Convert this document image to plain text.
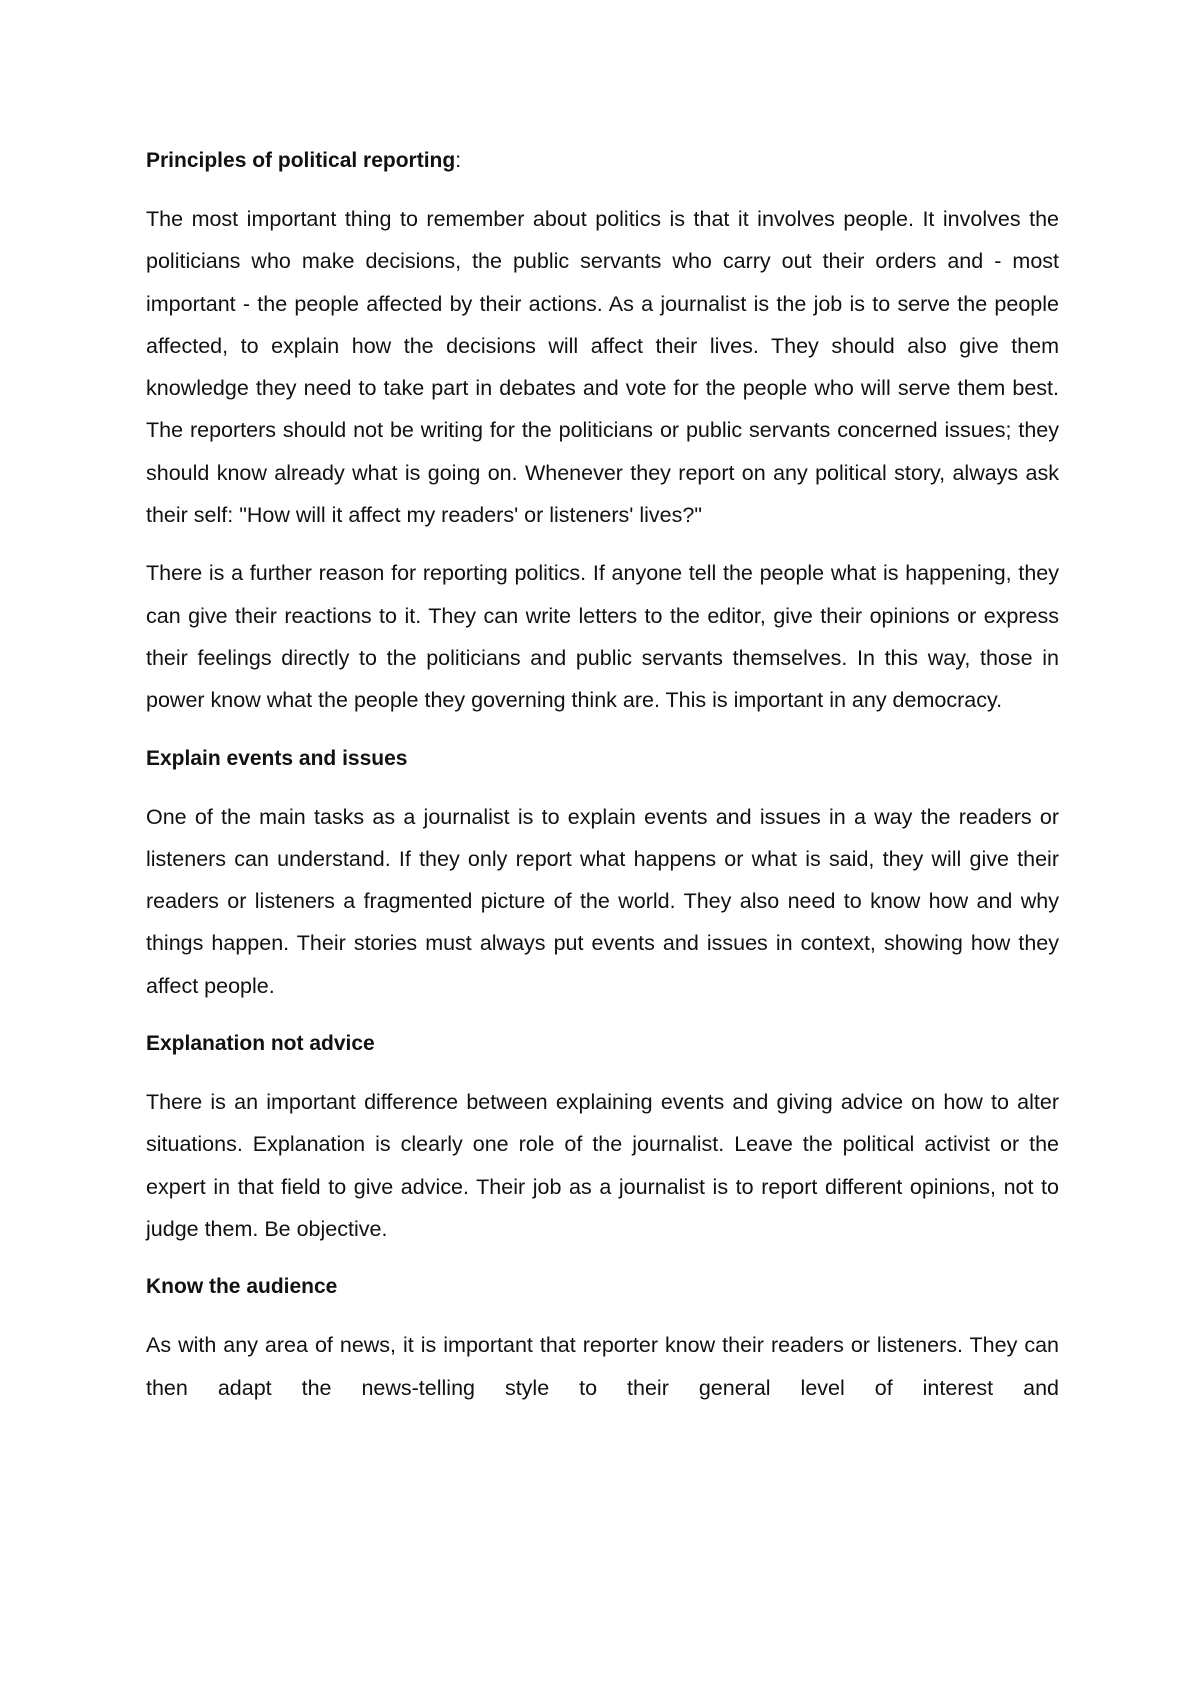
Principles of political reporting:

The most important thing to remember about politics is that it involves people. It involves the politicians who make decisions, the public servants who carry out their orders and - most important - the people affected by their actions. As a journalist is the job is to serve the people affected, to explain how the decisions will affect their lives. They should also give them knowledge they need to take part in debates and vote for the people who will serve them best. The reporters should not be writing for the politicians or public servants concerned issues; they should know already what is going on. Whenever they report on any political story, always ask their self: "How will it affect my readers' or listeners' lives?"

There is a further reason for reporting politics. If anyone tell the people what is happening, they can give their reactions to it. They can write letters to the editor, give their opinions or express their feelings directly to the politicians and public servants themselves. In this way, those in power know what the people they governing think are. This is important in any democracy.

Explain events and issues

One of the main tasks as a journalist is to explain events and issues in a way the readers or listeners can understand. If they only report what happens or what is said, they will give their readers or listeners a fragmented picture of the world. They also need to know how and why things happen. Their stories must always put events and issues in context, showing how they affect people.

Explanation not advice

There is an important difference between explaining events and giving advice on how to alter situations. Explanation is clearly one role of the journalist. Leave the political activist or the expert in that field to give advice. Their job as a journalist is to report different opinions, not to judge them. Be objective.

Know the audience

As with any area of news, it is important that reporter know their readers or listeners. They can then adapt the news-telling style to their general level of interest and
